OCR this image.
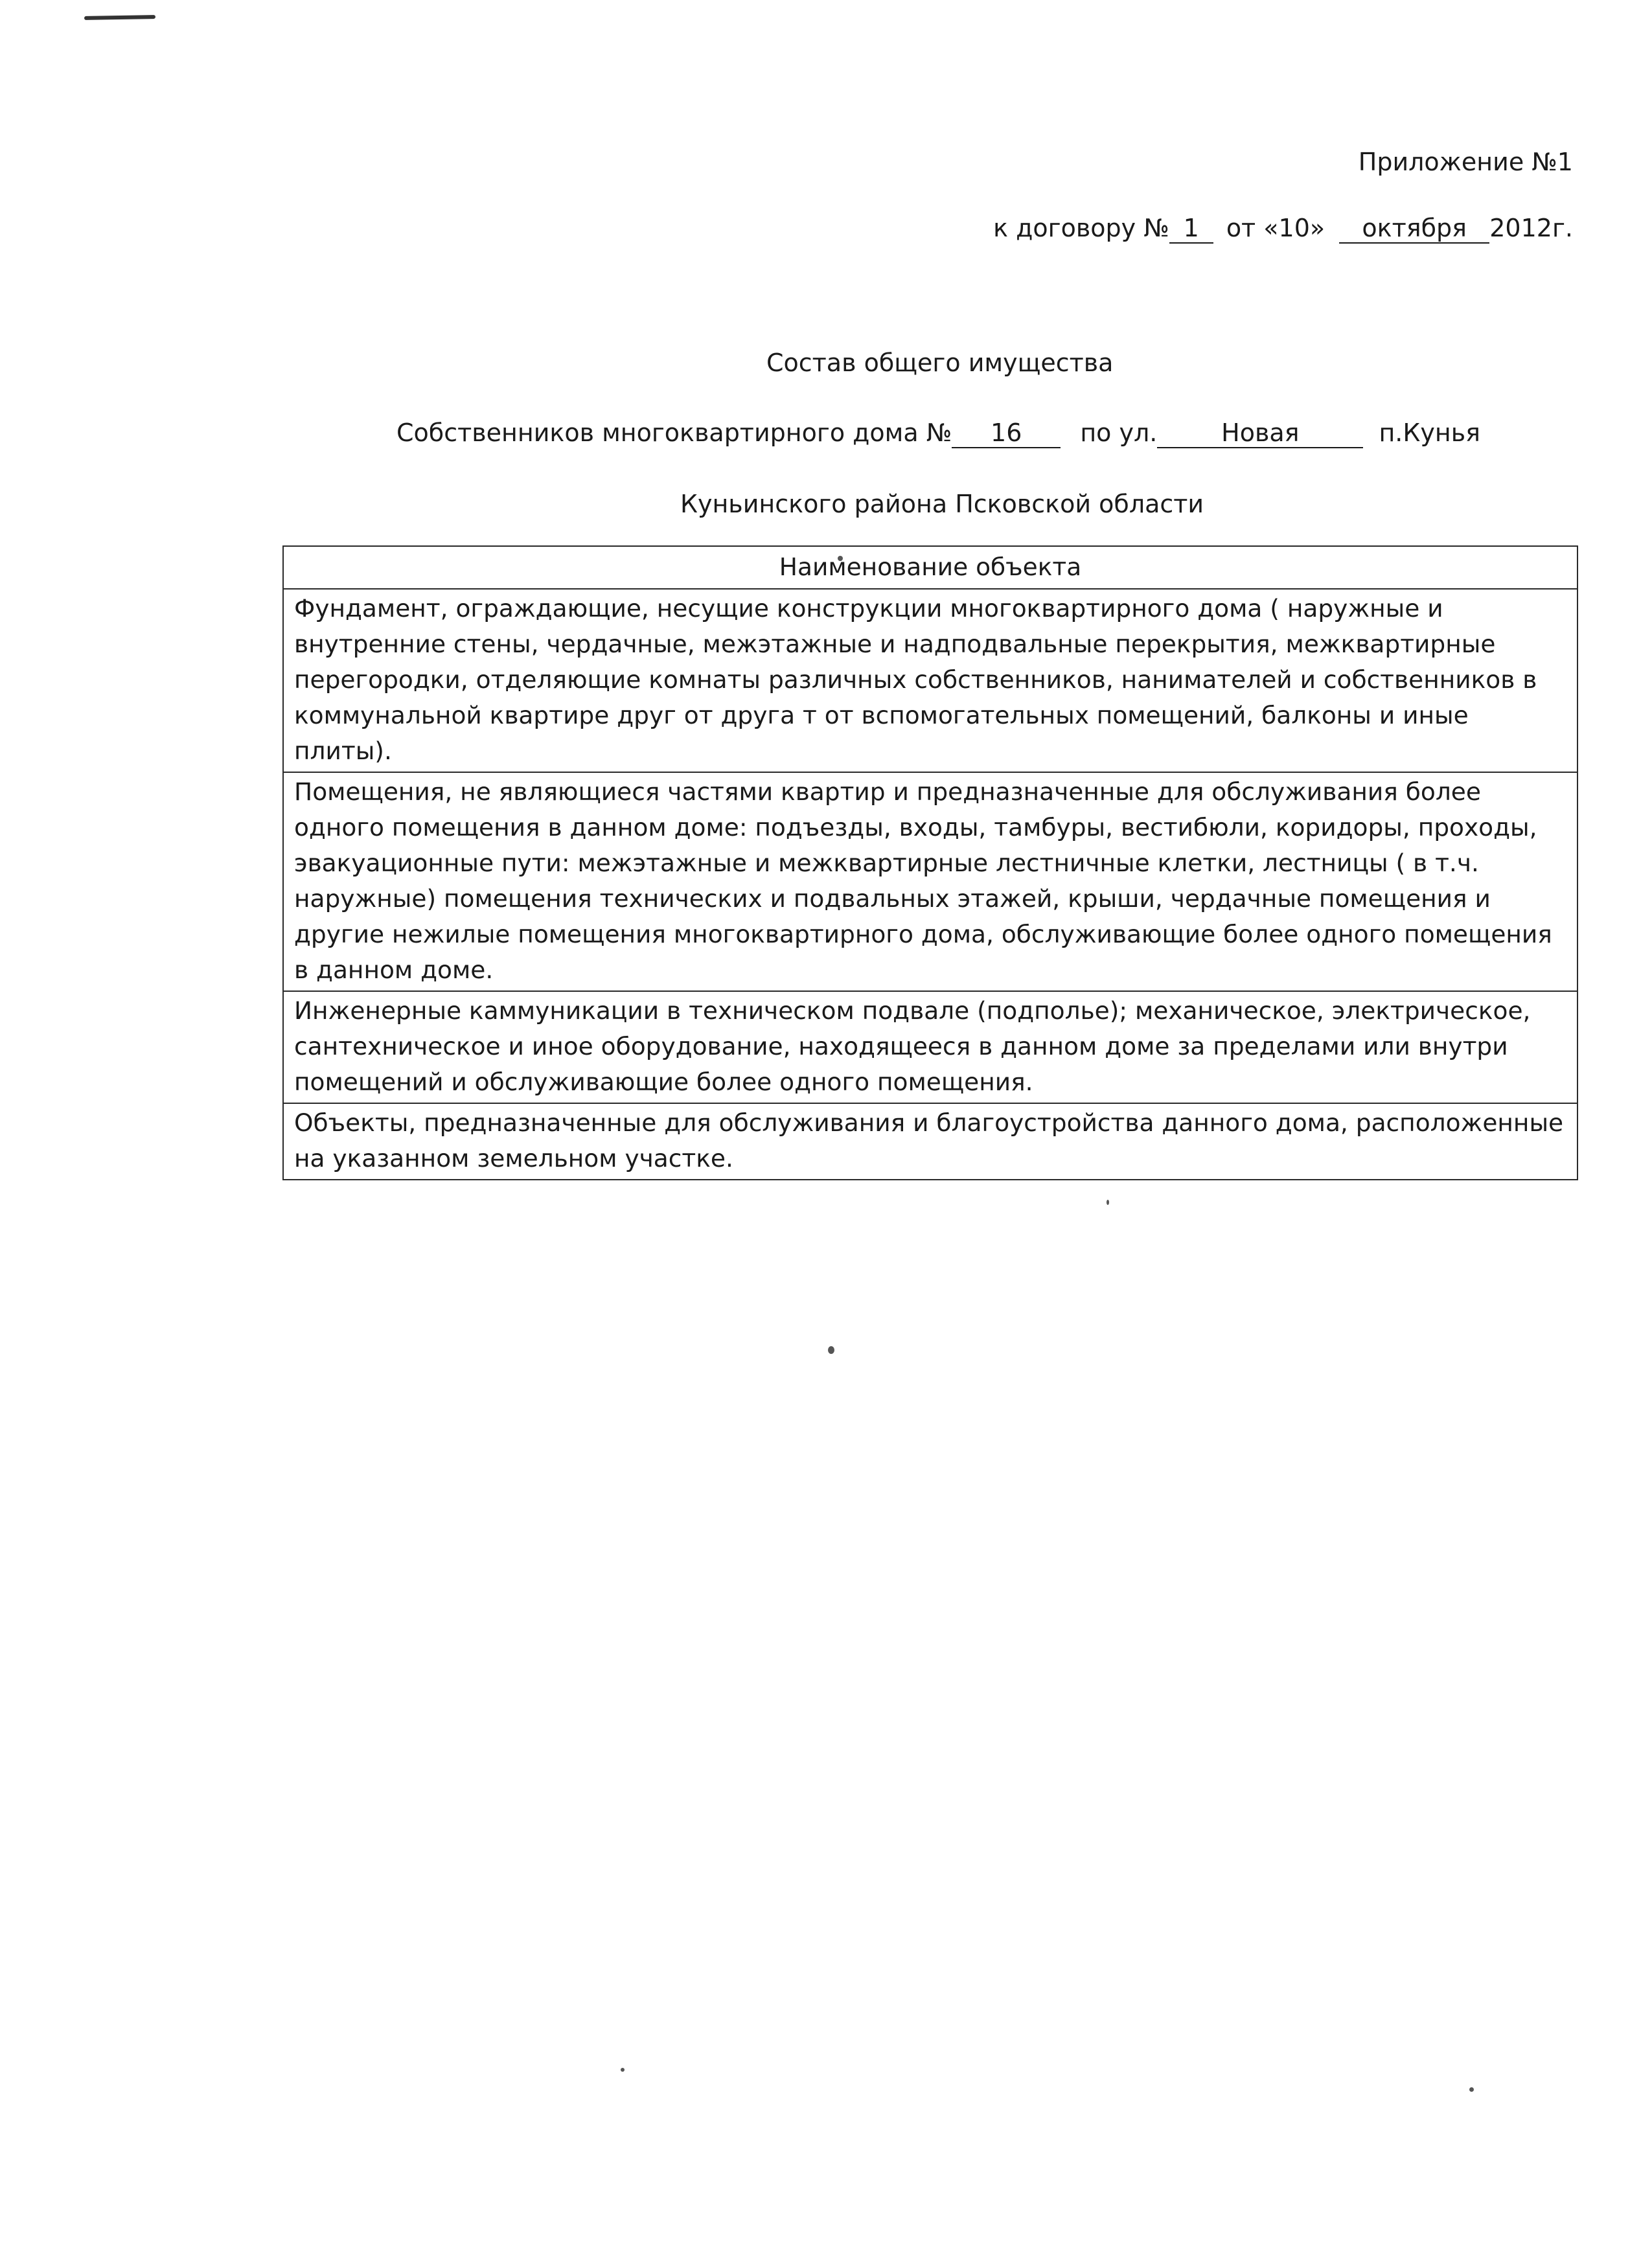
Приложение №1
к договору № 1 от «10» октября 2012г.
Состав общего имущества
Собственников многоквартирного дома № 16 по ул.	Новая	п.Кунья
Куньинского района Псковской области
Наименование объекта
Фундамент, ограждающие, несущие конструкции многоквартирного дома ( наружные и внутренние стены, чердачные, межэтажные и надподвальные перекрытия, межквартирные перегородки, отделяющие комнаты различных собственников, нанимателей и собственников в коммунальной квартире друг от друга т от вспомогательных помещений, балконы и иные плиты).
Помещения, не являющиеся частями квартир и предназначенные для обслуживания более одного помещения в данном доме: подъезды, входы, тамбуры, вестибюли, коридоры, проходы, эвакуационные пути: межэтажные и межквартирные лестничные клетки, лестницы ( в т.ч. наружные) помещения технических и подвальных этажей, крыши, чердачные помещения и другие нежилые помещения многоквартирного дома, обслуживающие более одного помещения в данном доме.
Инженерные каммуникации в техническом подвале (подполье); механическое, электрическое, сантехническое и иное оборудование, находящееся в данном доме за пределами или внутри помещений и обслуживающие более одного помещения.
Объекты, предназначенные для обслуживания и благоустройства данного дома, расположенные на указанном земельном участке.
